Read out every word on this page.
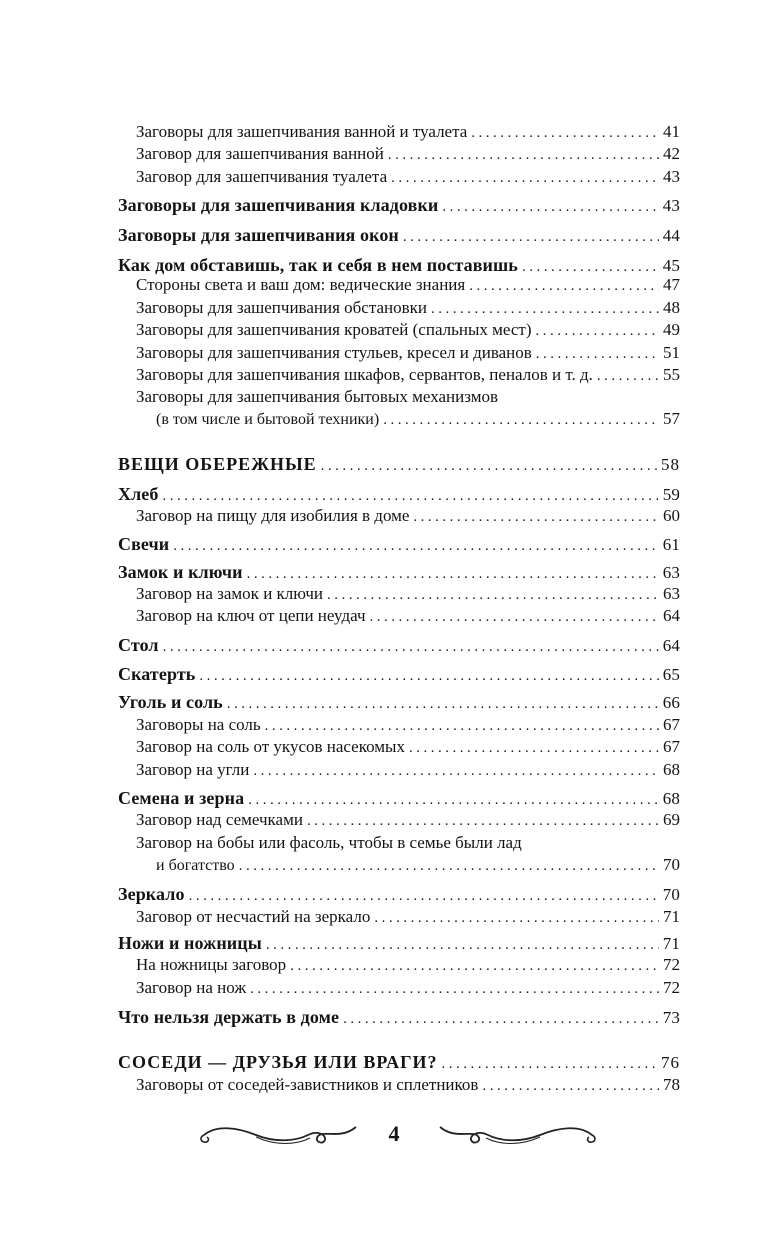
Заговоры для зашепчивания ванной и туалета .....	41
Заговор для зашепчивания ванной .....	42
Заговор для зашепчивания туалета .....	43
Заговоры для зашепчивания кладовки .....	43
Заговоры для зашепчивания окон .....	44
Как дом обставишь, так и себя в нем поставишь .....	45
Стороны света и ваш дом: ведические знания .....	47
Заговоры для зашепчивания обстановки .....	48
Заговоры для зашепчивания кроватей (спальных мест) .....	49
Заговоры для зашепчивания стульев, кресел и диванов .....	51
Заговоры для зашепчивания шкафов, сервантов, пеналов и т. д. .....	55
Заговоры для зашепчивания бытовых механизмов
(в том числе и бытовой техники) .....	57
ВЕЩИ ОБЕРЕЖНЫЕ .....	58
Хлеб .....	59
Заговор на пищу для изобилия в доме .....	60
Свечи .....	61
Замок и ключи .....	63
Заговор на замок и ключи .....	63
Заговор на ключ от цепи неудач .....	64
Стол .....	64
Скатерть .....	65
Уголь и соль .....	66
Заговоры на соль .....	67
Заговор на соль от укусов насекомых .....	67
Заговор на угли .....	68
Семена и зерна .....	68
Заговор над семечками .....	69
Заговор на бобы или фасоль, чтобы в семье были лад
и богатство .....	70
Зеркало .....	70
Заговор от несчастий на зеркало .....	71
Ножи и ножницы .....	71
На ножницы заговор .....	72
Заговор на нож .....	72
Что нельзя держать в доме .....	73
СОСЕДИ — ДРУЗЬЯ ИЛИ ВРАГИ? .....	76
Заговоры от соседей-завистников и сплетников .....	78
4
